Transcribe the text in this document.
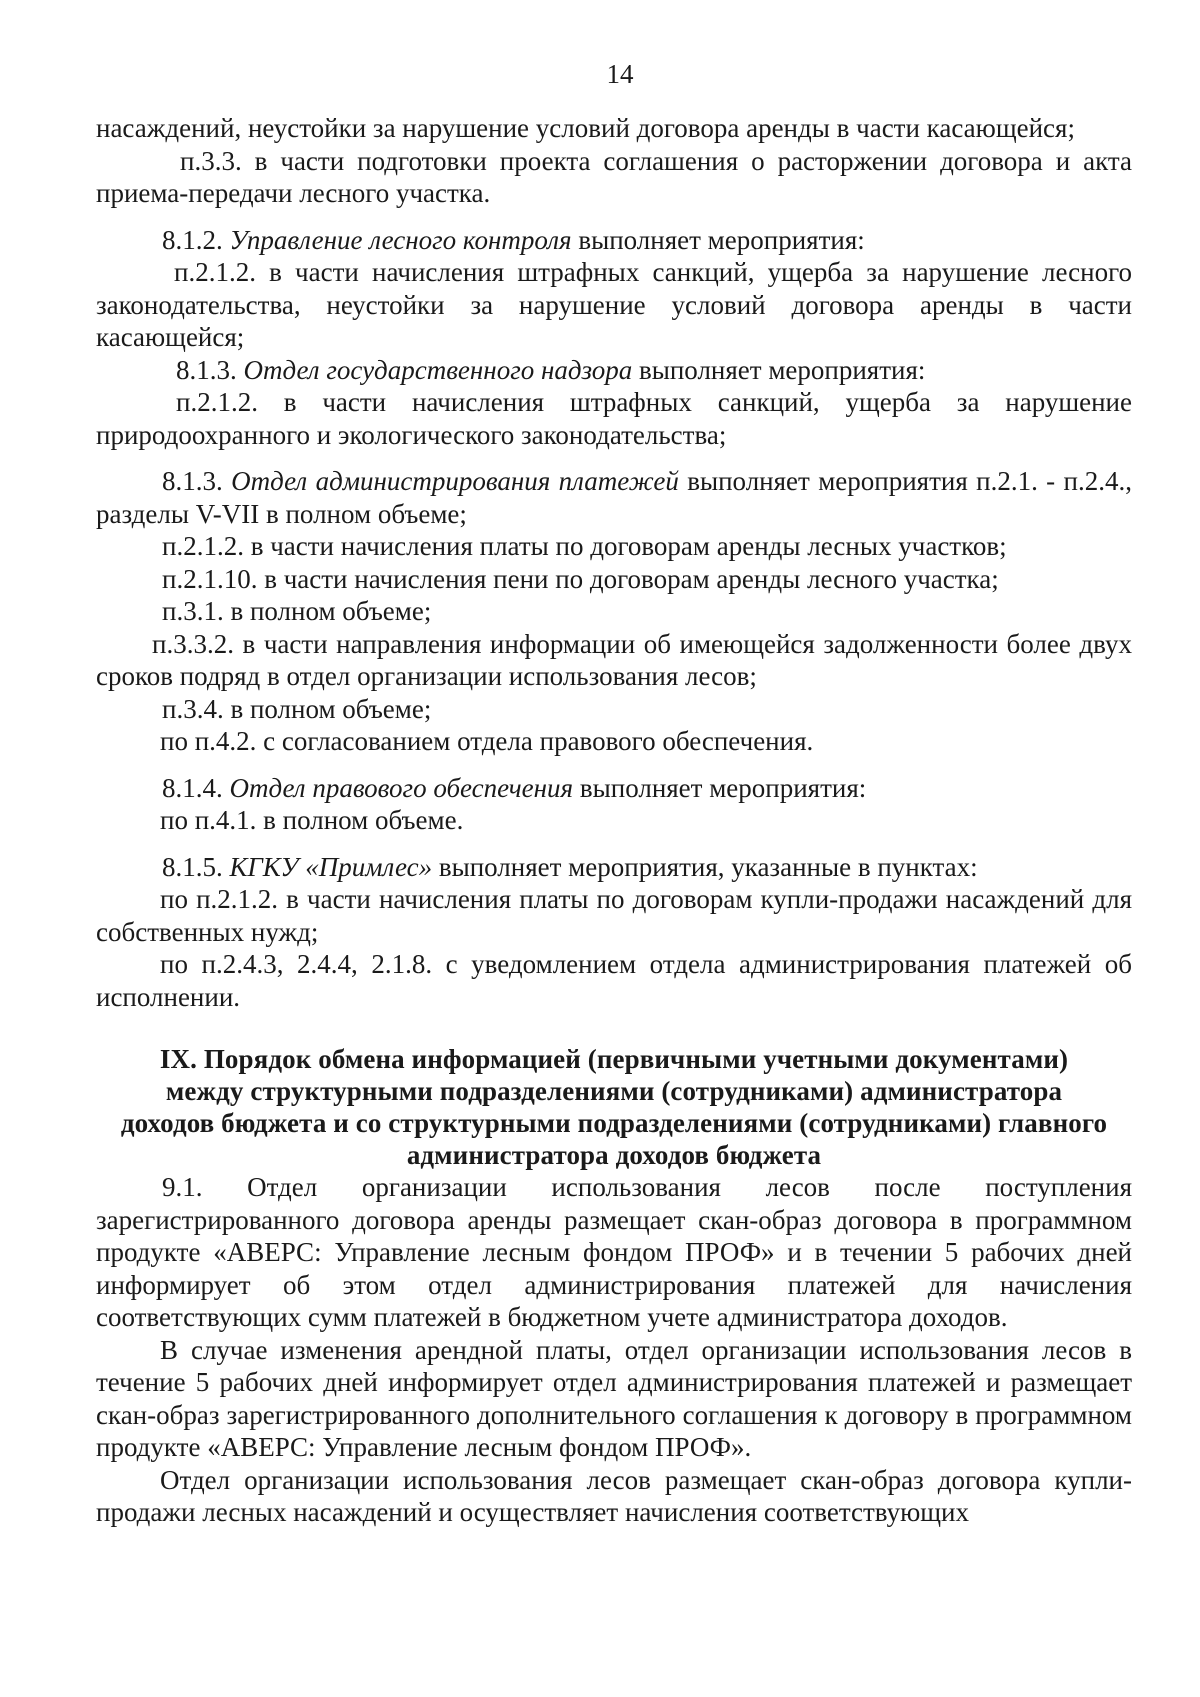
14

насаждений, неустойки за нарушение условий договора аренды в части касающейся;

п.3.3. в части подготовки проекта соглашения о расторжении договора и акта приема-передачи лесного участка.

8.1.2. Управление лесного контроля выполняет мероприятия:

п.2.1.2. в части начисления штрафных санкций, ущерба за нарушение лесного законодательства, неустойки за нарушение условий договора аренды в части касающейся;

8.1.3. Отдел государственного надзора выполняет мероприятия:

п.2.1.2. в части начисления штрафных санкций, ущерба за нарушение природоохранного и экологического законодательства;

8.1.3. Отдел администрирования платежей выполняет мероприятия п.2.1. - п.2.4., разделы V-VII в полном объеме;

п.2.1.2. в части начисления платы по договорам аренды лесных участков;

п.2.1.10. в части начисления пени по договорам аренды лесного участка;

п.3.1. в полном объеме;

п.3.3.2. в части направления информации об имеющейся задолженности более двух сроков подряд в отдел организации использования лесов;

п.3.4. в полном объеме;

по п.4.2. с согласованием отдела правового обеспечения.

8.1.4. Отдел правового обеспечения выполняет мероприятия:

по п.4.1. в полном объеме.

8.1.5. КГКУ «Примлес» выполняет мероприятия, указанные в пунктах:

по п.2.1.2. в части начисления платы по договорам купли-продажи насаждений для собственных нужд;

по п.2.4.3, 2.4.4, 2.1.8. с уведомлением отдела администрирования платежей об исполнении.

IX. Порядок обмена информацией (первичными учетными документами) между структурными подразделениями (сотрудниками) администратора доходов бюджета и со структурными подразделениями (сотрудниками) главного администратора доходов бюджета

9.1. Отдел организации использования лесов после поступления зарегистрированного договора аренды размещает скан-образ договора в программном продукте «АВЕРС: Управление лесным фондом ПРОФ» и в течении 5 рабочих дней информирует об этом отдел администрирования платежей для начисления соответствующих сумм платежей в бюджетном учете администратора доходов.

В случае изменения арендной платы, отдел организации использования лесов в течение 5 рабочих дней информирует отдел администрирования платежей и размещает скан-образ зарегистрированного дополнительного соглашения к договору в программном продукте «АВЕРС: Управление лесным фондом ПРОФ».

Отдел организации использования лесов размещает скан-образ договора купли-продажи лесных насаждений и осуществляет начисления соответствующих
